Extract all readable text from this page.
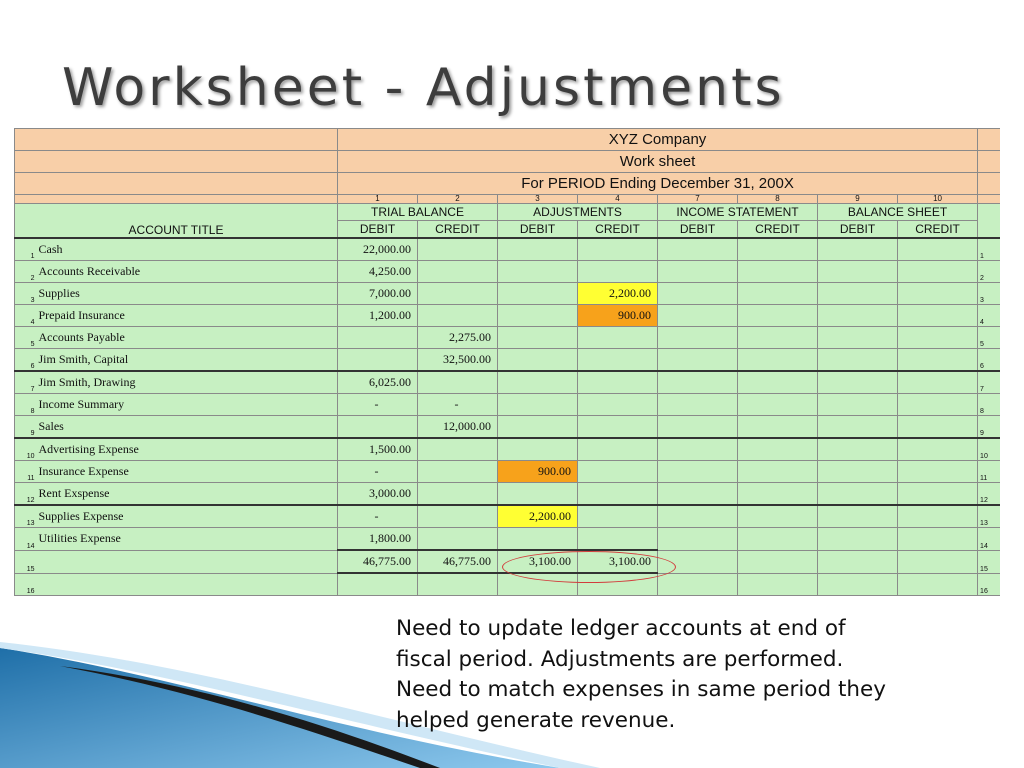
Worksheet - Adjustments
		XYZ Company								
		Work sheet								
		For PERIOD Ending December 31, 200X								
		1	2	3	4	7	8	9	10	
ACCOUNT TITLE		TRIAL BALANCE		ADJUSTMENTS		INCOME STATEMENT		BALANCE SHEET		
		DEBIT	CREDIT	DEBIT	CREDIT	DEBIT	CREDIT	DEBIT	CREDIT	
1	Cash	22,000.00								1
2	Accounts Receivable	4,250.00								2
3	Supplies	7,000.00			2,200.00					3
4	Prepaid Insurance	1,200.00			900.00					4
5	Accounts Payable		2,275.00							5
6	Jim Smith, Capital		32,500.00							6
7	Jim Smith, Drawing	6,025.00								7
8	Income Summary	-	-							8
9	Sales		12,000.00							9
10	Advertising Expense	1,500.00								10
11	Insurance Expense	-		900.00						11
12	Rent Exspense	3,000.00								12
13	Supplies Expense	-		2,200.00						13
14	Utilities Expense	1,800.00								14
15		46,775.00	46,775.00	3,100.00	3,100.00					15
16										16
Need to update ledger accounts at end of
fiscal period. Adjustments are performed.
Need to match expenses in same period they
helped generate revenue.
